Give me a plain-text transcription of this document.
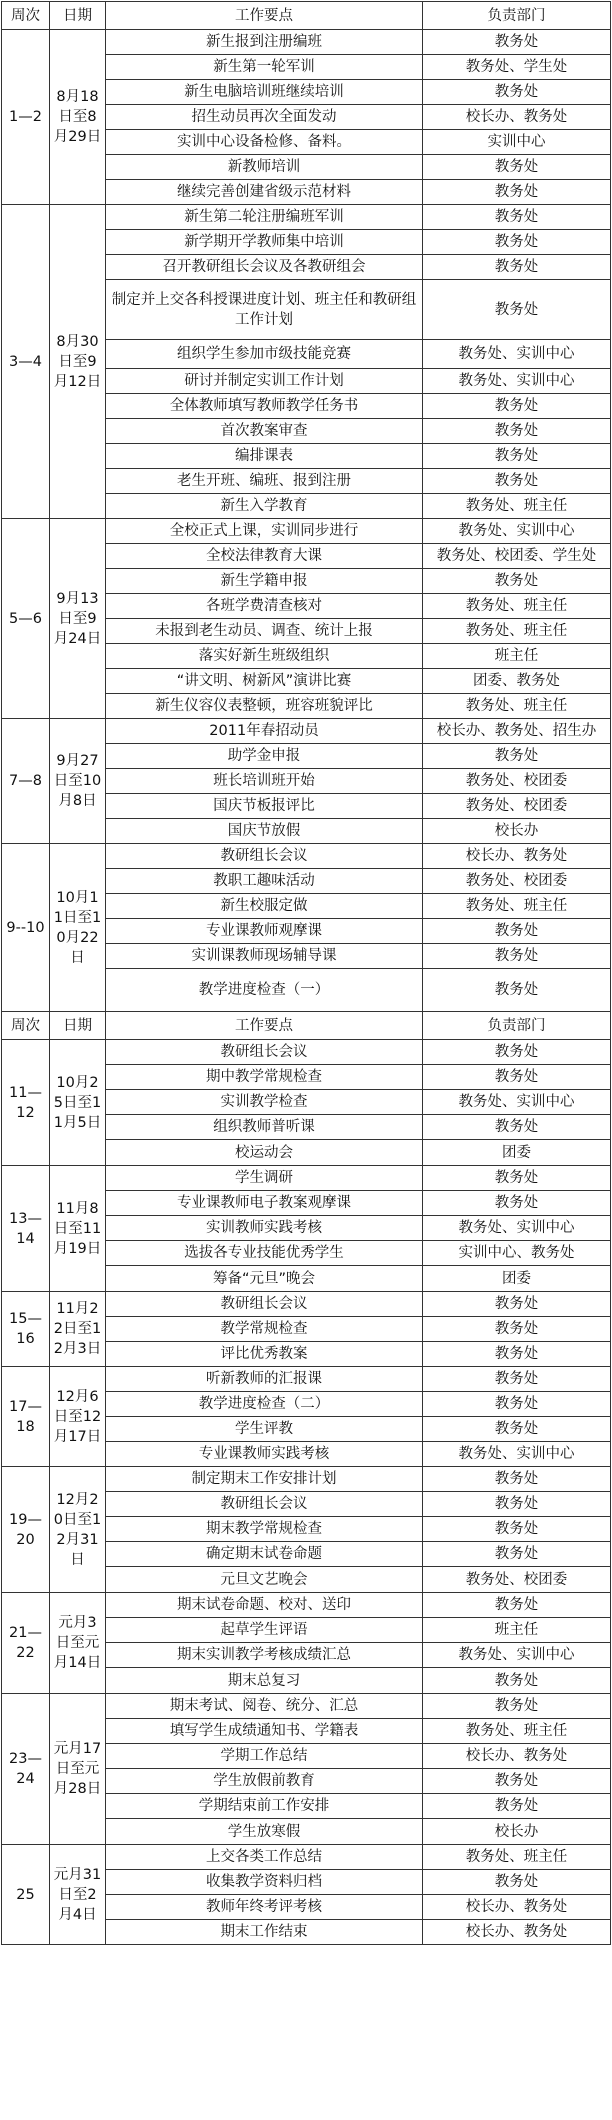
周次	日期	工作要点	负责部门
1—2	8月18日至8月29日	新生报到注册编班	教务处
		新生第一轮军训	教务处、学生处
		新生电脑培训班继续培训	教务处
		招生动员再次全面发动	校长办、教务处
		实训中心设备检修、备料。	实训中心
		新教师培训	教务处
		继续完善创建省级示范材料	教务处
3—4	8月30日至9月12日	新生第二轮注册编班军训	教务处
		新学期开学教师集中培训	教务处
		召开教研组长会议及各教研组会	教务处
		制定并上交各科授课进度计划、班主任和教研组工作计划	教务处
		组织学生参加市级技能竞赛	教务处、实训中心
		研讨并制定实训工作计划	教务处、实训中心
		全体教师填写教师教学任务书	教务处
		首次教案审查	教务处
		编排课表	教务处
		老生开班、编班、报到注册	教务处
		新生入学教育	教务处、班主任
5—6	9月13日至9月24日	全校正式上课，实训同步进行	教务处、实训中心
		全校法律教育大课	教务处、校团委、学生处
		新生学籍申报	教务处
		各班学费清查核对	教务处、班主任
		未报到老生动员、调查、统计上报	教务处、班主任
		落实好新生班级组织	班主任
		“讲文明、树新风”演讲比赛	团委、教务处
		新生仪容仪表整顿，班容班貌评比	教务处、班主任
7—8	9月27日至10月8日	2011年春招动员	校长办、教务处、招生办
		助学金申报	教务处
		班长培训班开始	教务处、校团委
		国庆节板报评比	教务处、校团委
		国庆节放假	校长办
9--10	10月11日至10月22日	教研组长会议	校长办、教务处
		教职工趣味活动	教务处、校团委
		新生校服定做	教务处、班主任
		专业课教师观摩课	教务处
		实训课教师现场辅导课	教务处
		教学进度检查（一）	教务处
周次	日期	工作要点	负责部门
11—12	10月25日至11月5日	教研组长会议	教务处
		期中教学常规检查	教务处
		实训教学检查	教务处、实训中心
		组织教师普听课	教务处
		校运动会	团委
13—14	11月8日至11月19日	学生调研	教务处
		专业课教师电子教案观摩课	教务处
		实训教师实践考核	教务处、实训中心
		选拔各专业技能优秀学生	实训中心、教务处
		筹备“元旦”晚会	团委
15—16	11月22日至12月3日	教研组长会议	教务处
		教学常规检查	教务处
		评比优秀教案	教务处
17—18	12月6日至12月17日	听新教师的汇报课	教务处
		教学进度检查（二）	教务处
		学生评教	教务处
		专业课教师实践考核	教务处、实训中心
19—20	12月20日至12月31日	制定期末工作安排计划	教务处
		教研组长会议	教务处
		期末教学常规检查	教务处
		确定期末试卷命题	教务处
		元旦文艺晚会	教务处、校团委
21—22	元月3日至元月14日	期末试卷命题、校对、送印	教务处
		起草学生评语	班主任
		期末实训教学考核成绩汇总	教务处、实训中心
		期末总复习	教务处
23—24	元月17日至元月28日	期末考试、阅卷、统分、汇总	教务处
		填写学生成绩通知书、学籍表	教务处、班主任
		学期工作总结	校长办、教务处
		学生放假前教育	教务处
		学期结束前工作安排	教务处
		学生放寒假	校长办
25	元月31日至2月4日	上交各类工作总结	教务处、班主任
		收集教学资料归档	教务处
		教师年终考评考核	校长办、教务处
		期末工作结束	校长办、教务处
